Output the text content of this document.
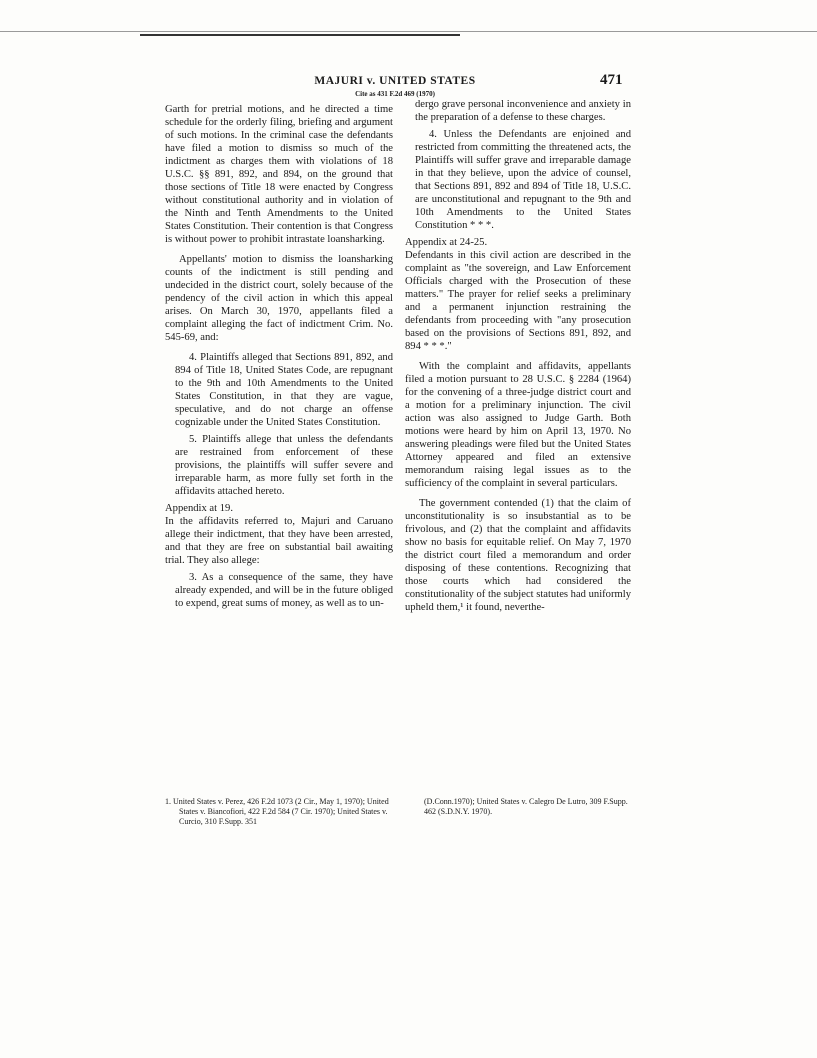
MAJURI v. UNITED STATES
Cite as 431 F.2d 469 (1970)
471

Garth for pretrial motions, and he directed a time schedule for the orderly filing, briefing and argument of such motions. In the criminal case the defendants have filed a motion to dismiss so much of the indictment as charges them with violations of 18 U.S.C. §§ 891, 892, and 894, on the ground that those sections of Title 18 were enacted by Congress without constitutional authority and in violation of the Ninth and Tenth Amendments to the United States Constitution. Their contention is that Congress is without power to prohibit intrastate loansharking.

Appellants' motion to dismiss the loansharking counts of the indictment is still pending and undecided in the district court, solely because of the pendency of the civil action in which this appeal arises. On March 30, 1970, appellants filed a complaint alleging the fact of indictment Crim. No. 545-69, and:

4. Plaintiffs alleged that Sections 891, 892, and 894 of Title 18, United States Code, are repugnant to the 9th and 10th Amendments to the United States Constitution, in that they are vague, speculative, and do not charge an offense cognizable under the United States Constitution.

5. Plaintiffs allege that unless the defendants are restrained from enforcement of these provisions, the plaintiffs will suffer severe and irreparable harm, as more fully set forth in the affidavits attached hereto.

Appendix at 19.

In the affidavits referred to, Majuri and Caruano allege their indictment, that they have been arrested, and that they are free on substantial bail awaiting trial. They also allege:

3. As a consequence of the same, they have already expended, and will be in the future obliged to expend, great sums of money, as well as to un-

dergo grave personal inconvenience and anxiety in the preparation of a defense to these charges.

4. Unless the Defendants are enjoined and restricted from committing the threatened acts, the Plaintiffs will suffer grave and irreparable damage in that they believe, upon the advice of counsel, that Sections 891, 892 and 894 of Title 18, U.S.C. are unconstitutional and repugnant to the 9th and 10th Amendments to the United States Constitution * * *.

Appendix at 24-25.

Defendants in this civil action are described in the complaint as "the sovereign, and Law Enforcement Officials charged with the Prosecution of these matters." The prayer for relief seeks a preliminary and a permanent injunction restraining the defendants from proceeding with "any prosecution based on the provisions of Sections 891, 892, and 894 * * *."

With the complaint and affidavits, appellants filed a motion pursuant to 28 U.S.C. § 2284 (1964) for the convening of a three-judge district court and a motion for a preliminary injunction. The civil action was also assigned to Judge Garth. Both motions were heard by him on April 13, 1970. No answering pleadings were filed but the United States Attorney appeared and filed an extensive memorandum raising legal issues as to the sufficiency of the complaint in several particulars.

The government contended (1) that the claim of unconstitutionality is so insubstantial as to be frivolous, and (2) that the complaint and affidavits show no basis for equitable relief. On May 7, 1970 the district court filed a memorandum and order disposing of these contentions. Recognizing that those courts which had considered the constitutionality of the subject statutes had uniformly upheld them,¹ it found, neverthe-

1. United States v. Perez, 426 F.2d 1073 (2 Cir., May 1, 1970); United States v. Biancofiori, 422 F.2d 584 (7 Cir. 1970); United States v. Curcio, 310 F.Supp. 351

(D.Conn.1970); United States v. Calegro De Lutro, 309 F.Supp. 462 (S.D.N.Y. 1970).
